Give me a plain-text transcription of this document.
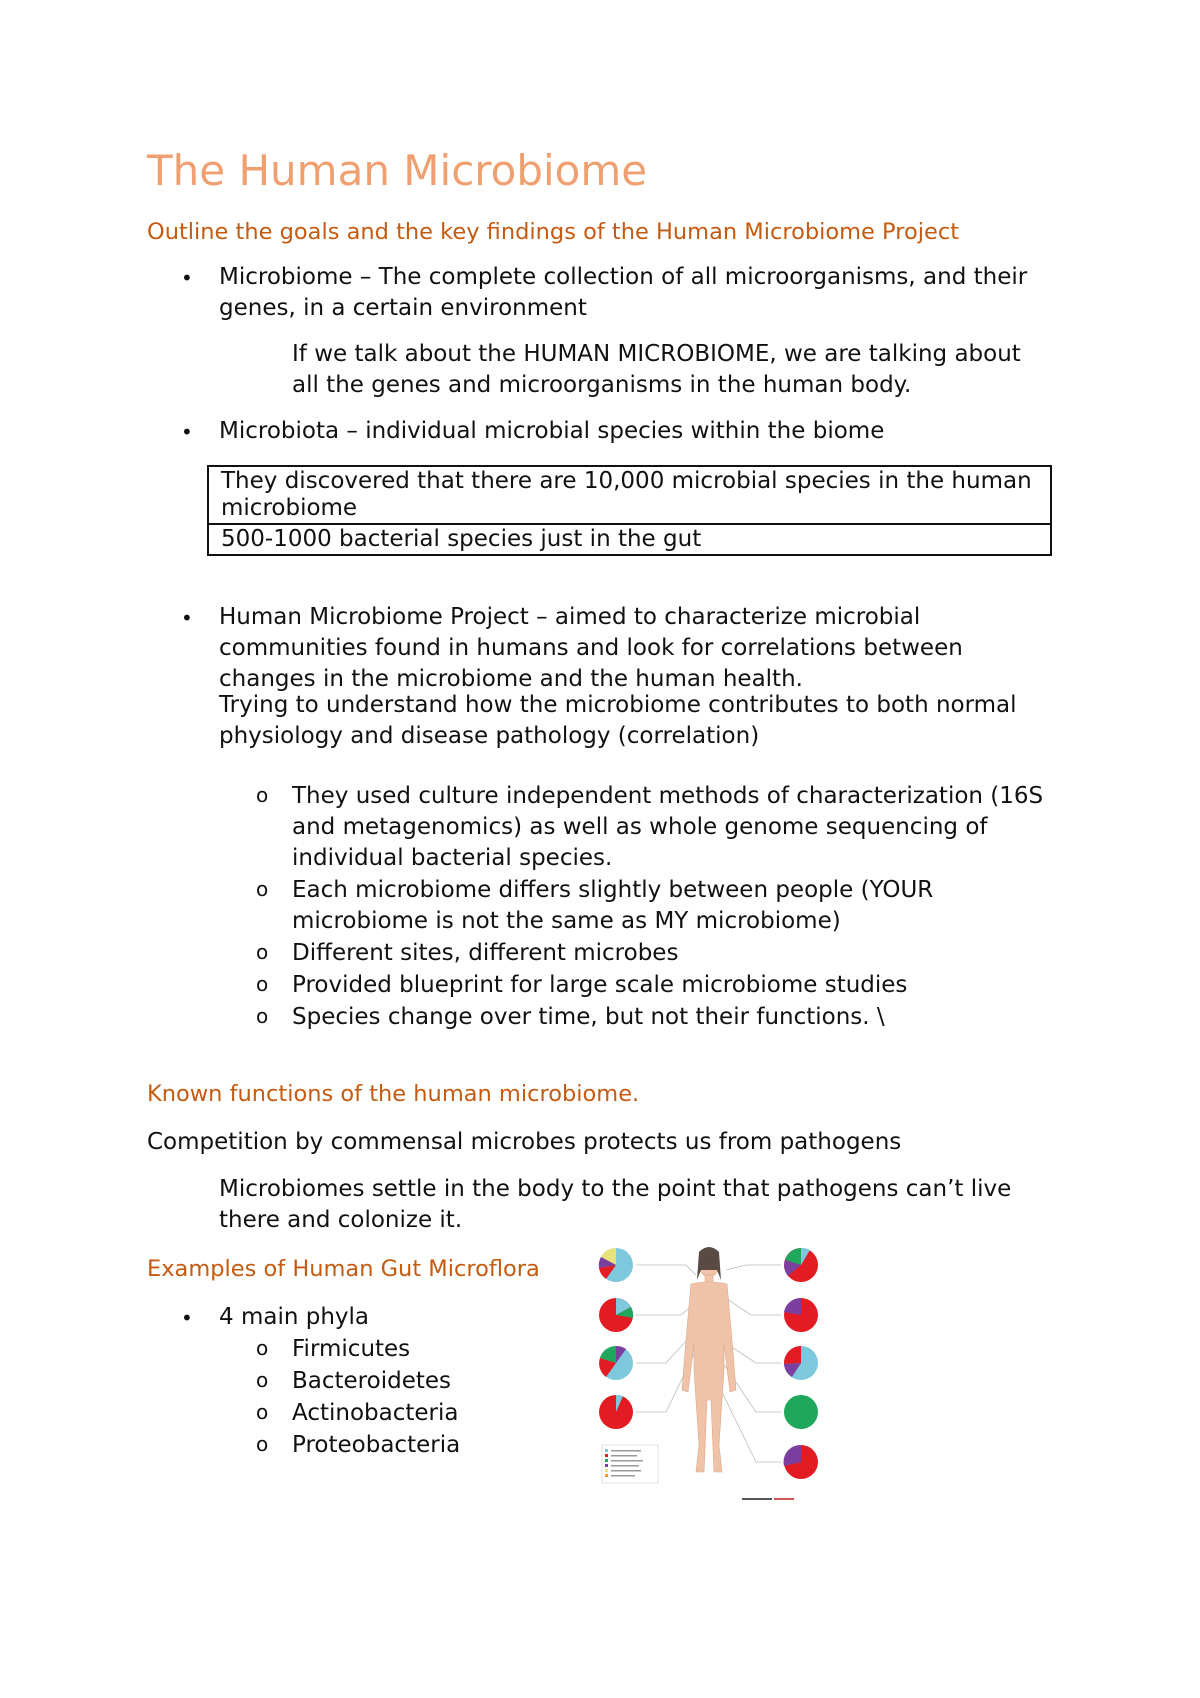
The Human Microbiome
Outline the goals and the key findings of the Human Microbiome Project
• Microbiome – The complete collection of all microorganisms, and their genes, in a certain environment

If we talk about the HUMAN MICROBIOME, we are talking about all the genes and microorganisms in the human body.

• Microbiota – individual microbial species within the biome

They discovered that there are 10,000 microbial species in the human microbiome
500-1000 bacterial species just in the gut
• Human Microbiome Project – aimed to characterize microbial communities found in humans and look for correlations between changes in the microbiome and the human health.

Trying to understand how the microbiome contributes to both normal physiology and disease pathology (correlation)

o They used culture independent methods of characterization (16S and metagenomics) as well as whole genome sequencing of individual bacterial species.

o Each microbiome differs slightly between people (YOUR microbiome is not the same as MY microbiome)

o Different sites, different microbes

o Provided blueprint for large scale microbiome studies

o Species change over time, but not their functions. \

Known functions of the human microbiome.

Competition by commensal microbes protects us from pathogens

Microbiomes settle in the body to the point that pathogens can’t live there and colonize it.

Examples of Human Gut Microflora
• 4 main phyla

o Firmicutes

o Bacteroidetes

o Actinobacteria

o Proteobacteria
